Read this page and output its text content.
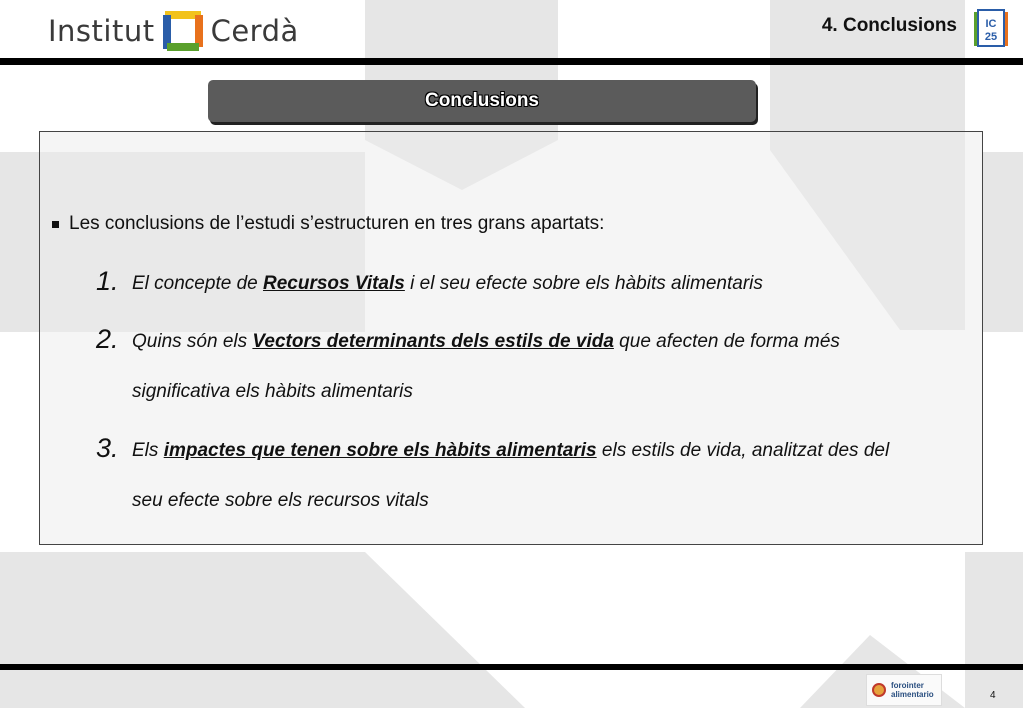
Institut Cerdà	4. Conclusions	IC
25
Conclusions
Les conclusions de l’estudi s’estructuren en tres grans apartats:
1. El concepte de Recursos Vitals i el seu efecte sobre els hàbits alimentaris
2. Quins són els Vectors determinants dels estils de vida que afecten de forma més
significativa els hàbits alimentaris
3. Els impactes que tenen sobre els hàbits alimentaris els estils de vida, analitzat des del
seu efecte sobre els recursos vitals
forointer
alimentario	4
